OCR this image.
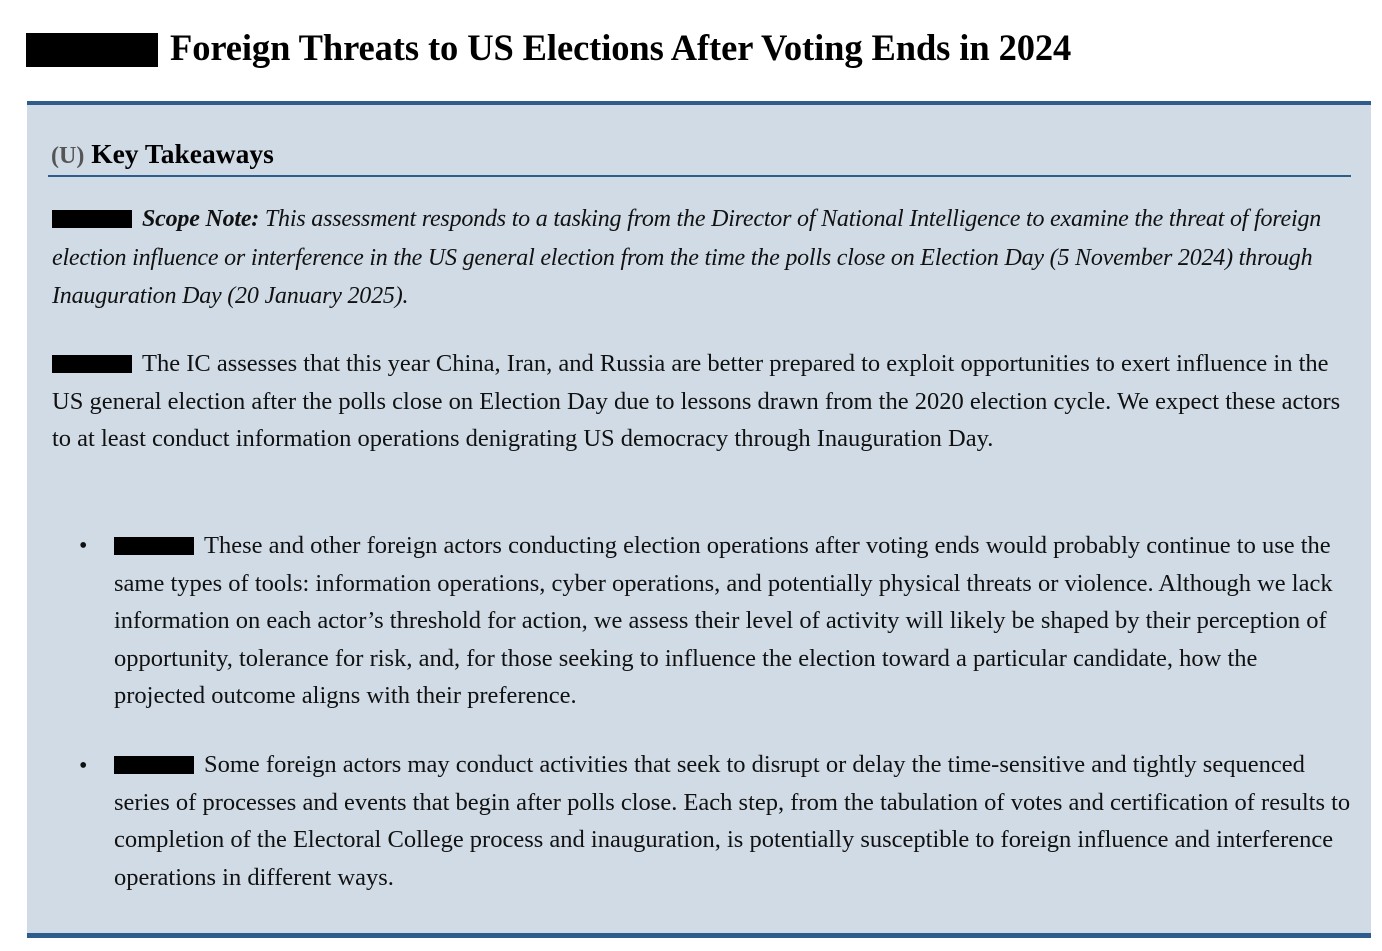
Foreign Threats to US Elections After Voting Ends in 2024
(U) Key Takeaways

Scope Note: This assessment responds to a tasking from the Director of National Intelligence to examine the threat of foreign election influence or interference in the US general election from the time the polls close on Election Day (5 November 2024) through Inauguration Day (20 January 2025).

The IC assesses that this year China, Iran, and Russia are better prepared to exploit opportunities to exert influence in the US general election after the polls close on Election Day due to lessons drawn from the 2020 election cycle. We expect these actors to at least conduct information operations denigrating US democracy through Inauguration Day.

•	These and other foreign actors conducting election operations after voting ends would probably continue to use the same types of tools: information operations, cyber operations, and potentially physical threats or violence. Although we lack information on each actor’s threshold for action, we assess their level of activity will likely be shaped by their perception of opportunity, tolerance for risk, and, for those seeking to influence the election toward a particular candidate, how the projected outcome aligns with their preference.

•	Some foreign actors may conduct activities that seek to disrupt or delay the time-sensitive and tightly sequenced series of processes and events that begin after polls close. Each step, from the tabulation of votes and certification of results to completion of the Electoral College process and inauguration, is potentially susceptible to foreign influence and interference operations in different ways.
